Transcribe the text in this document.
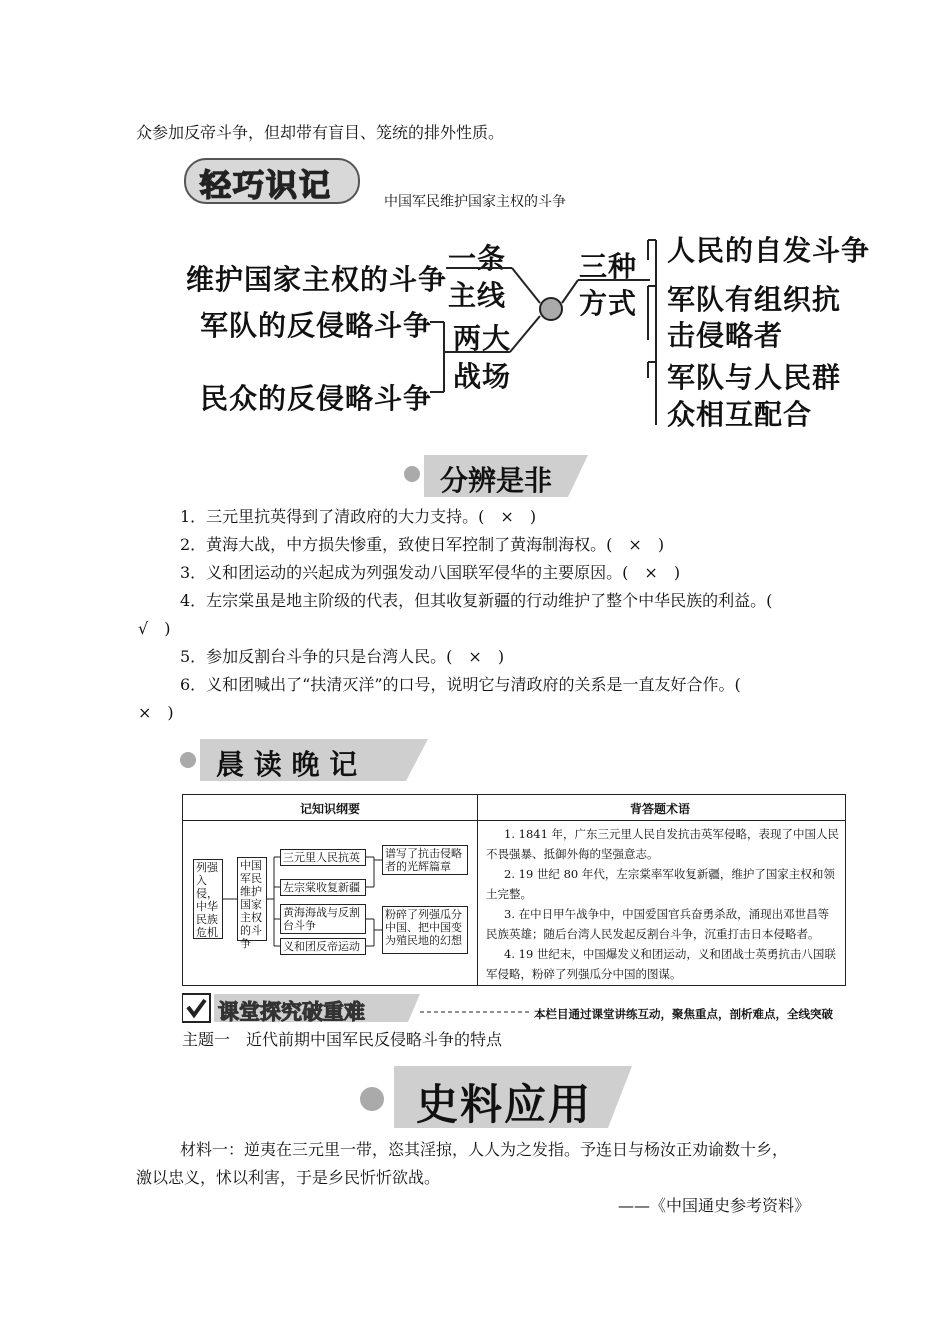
众参加反帝斗争，但却带有盲目、笼统的排外性质。
轻巧识记	中国军民维护国家主权的斗争
维护国家主权的斗争
军队的反侵略斗争
民众的反侵略斗争
一条
主线
两大
战场
三种
方式
人民的自发斗争
军队有组织抗
击侵略者
军队与人民群
众相互配合
分辨是非
1．三元里抗英得到了清政府的大力支持。(　×　)
2．黄海大战，中方损失惨重，致使日军控制了黄海制海权。(　×　)
3．义和团运动的兴起成为列强发动八国联军侵华的主要原因。(　×　)
4．左宗棠虽是地主阶级的代表，但其收复新疆的行动维护了整个中华民族的利益。(
√　)
5．参加反割台斗争的只是台湾人民。(　×　)
6．义和团喊出了“扶清灭洋”的口号，说明它与清政府的关系是一直友好合作。(
×　)
晨 读 晚 记
记知识纲要	背答题术语
列强入侵，中华民族危机
中国军民维护国家主权的斗争
三元里人民抗英
左宗棠收复新疆
黄海海战与反割台斗争
义和团反帝运动
谱写了抗击侵略者的光辉篇章
粉碎了列强瓜分中国、把中国变为殖民地的幻想
1. 1841 年，广东三元里人民自发抗击英军侵略，表现了中国人民
不畏强暴、抵御外侮的坚强意志。
2. 19 世纪 80 年代，左宗棠率军收复新疆，维护了国家主权和领
土完整。
3. 在中日甲午战争中，中国爱国官兵奋勇杀敌，涌现出邓世昌等
民族英雄；随后台湾人民发起反割台斗争，沉重打击日本侵略者。
4. 19 世纪末，中国爆发义和团运动，义和团战士英勇抗击八国联
军侵略，粉碎了列强瓜分中国的图谋。
课堂探究破重难	本栏目通过课堂讲练互动，聚焦重点，剖析难点，全线突破
主题一　近代前期中国军民反侵略斗争的特点
史料应用
材料一：逆夷在三元里一带，恣其淫掠，人人为之发指。予连日与杨汝正劝谕数十乡，
激以忠义，怵以利害，于是乡民忻忻欲战。
——《中国通史参考资料》
